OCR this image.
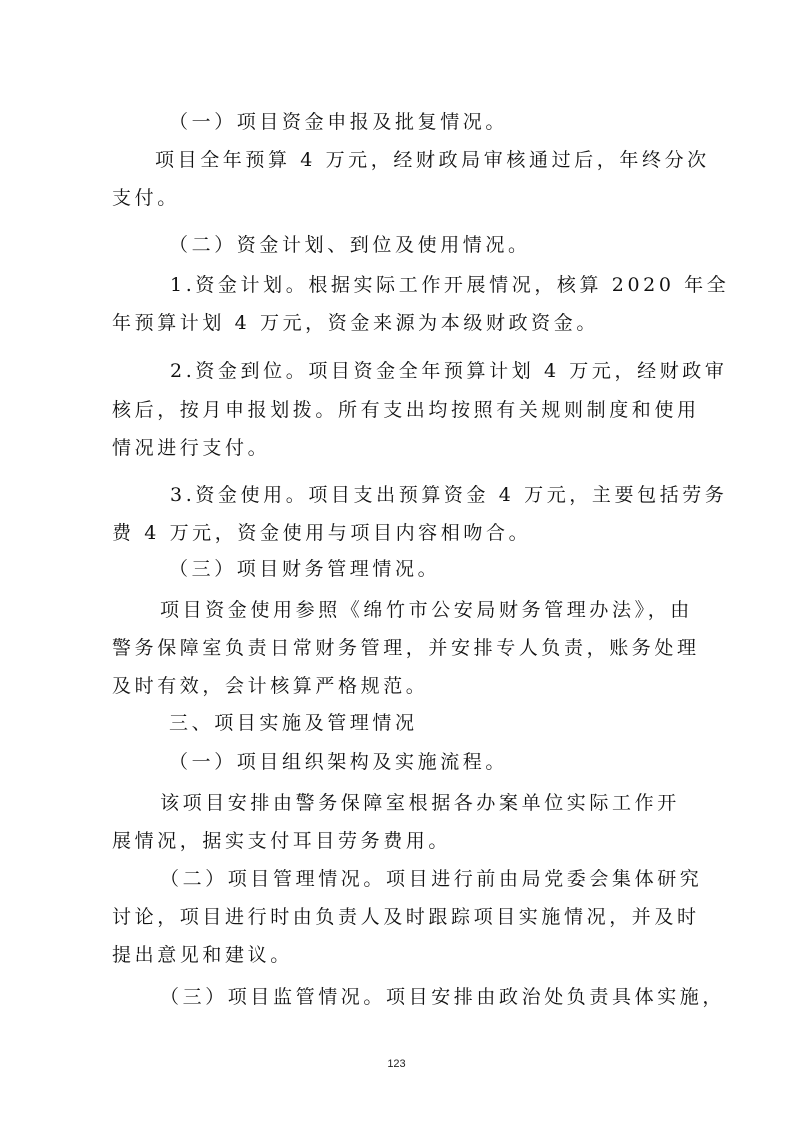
（一）项目资金申报及批复情况。
项目全年预算 4 万元，经财政局审核通过后，年终分次
支付。
（二）资金计划、到位及使用情况。
1.资金计划。根据实际工作开展情况，核算 2020 年全
年预算计划 4 万元，资金来源为本级财政资金。
2.资金到位。项目资金全年预算计划 4 万元，经财政审
核后，按月申报划拨。所有支出均按照有关规则制度和使用
情况进行支付。
3.资金使用。项目支出预算资金 4 万元，主要包括劳务
费 4 万元，资金使用与项目内容相吻合。
（三）项目财务管理情况。
项目资金使用参照《绵竹市公安局财务管理办法》，由
警务保障室负责日常财务管理，并安排专人负责，账务处理
及时有效，会计核算严格规范。
三、项目实施及管理情况
（一）项目组织架构及实施流程。
该项目安排由警务保障室根据各办案单位实际工作开
展情况，据实支付耳目劳务费用。
（二）项目管理情况。项目进行前由局党委会集体研究
讨论，项目进行时由负责人及时跟踪项目实施情况，并及时
提出意见和建议。
（三）项目监管情况。项目安排由政治处负责具体实施，
123
